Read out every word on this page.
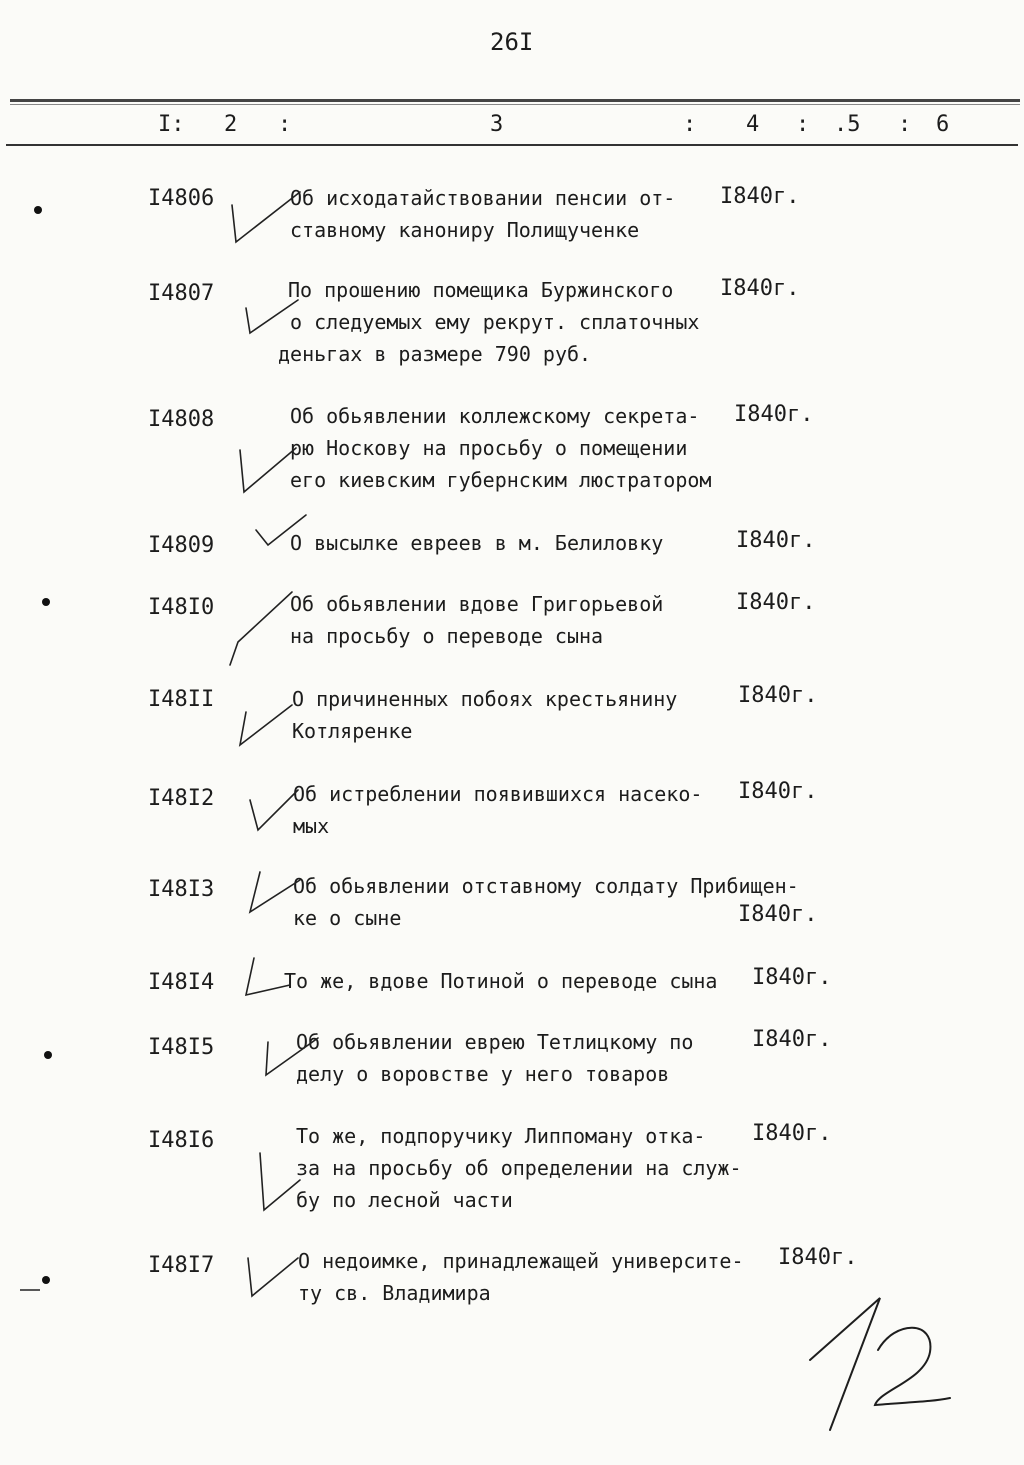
26I
I: 2 :	3	: 4 : .5 : 6
I4806	Об исходатайствовании пенсии от-
ставному канониру Полищученке
I840г.
I4807	По прошению помещика Буржинского
о следуемых ему рекрут. сплаточных
деньгах в размере 790 руб.
I840г.
I4808	Об обьявлении коллежскому секрета-
рю Носкову на просьбу о помещении
его киевским губернским люстратором
I840г.
I4809	О высылке евреев в м. Белиловку	I840г.
I48I0	Об обьявлении вдове Григорьевой
на просьбу о переводе сына
I840г.
I48II	О причиненных побоях крестьянину
Котляренке
I840г.
I48I2	Об истреблении появившихся насеко-
мых
I840г.
I48I3	Об обьявлении отставному солдату Прибищен-
ке о сыне	I840г.
I48I4	То же, вдове Потиной о переводе сына I840г.
I48I5	Об обьявлении еврею Тетлицкому по
делу о воровстве у него товаров
I840г.
I48I6	То же, подпоручику Липпоману отка-
за на просьбу об определении на служ-
бу по лесной части
I840г.
I48I7	О недоимке, принадлежащей университе-
ту св. Владимира
I840г.
